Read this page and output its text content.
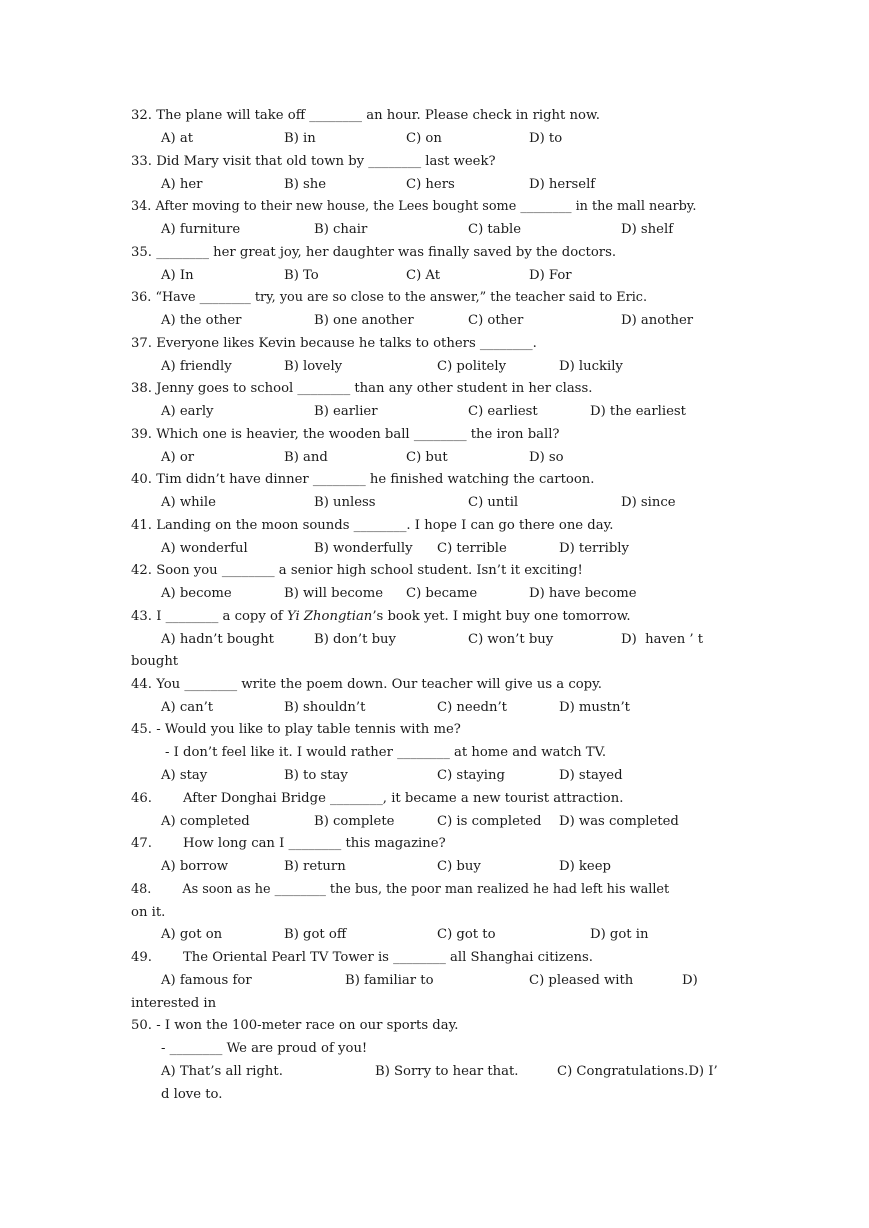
32. The plane will take off ________ an hour. Please check in right now.
A) at	B) in	C) on	D) to
33. Did Mary visit that old town by ________ last week?
A) her	B) she	C) hers	D) herself
34. After moving to their new house, the Lees bought some ________ in the mall nearby.
A) furniture	B) chair	C) table	D) shelf
35. ________ her great joy, her daughter was finally saved by the doctors.
A) In	B) To	C) At	D) For
36. “Have ________ try, you are so close to the answer,” the teacher said to Eric.
A) the other	B) one another	C) other	D) another
37. Everyone likes Kevin because he talks to others ________.
A) friendly	B) lovely	C) politely	D) luckily
38. Jenny goes to school ________ than any other student in her class.
A) early	B) earlier	C) earliest	D) the earliest
39. Which one is heavier, the wooden ball ________ the iron ball?
A) or	B) and	C) but	D) so
40. Tim didn’t have dinner ________ he finished watching the cartoon.
A) while	B) unless	C) until	D) since
41. Landing on the moon sounds ________. I hope I can go there one day.
A) wonderful	B) wonderfully C) terrible	D) terribly
42. Soon you ________ a senior high school student. Isn’t it exciting!
A) become	B) will become C) became	D) have become
43. I ________ a copy of Yi Zhongtian’s book yet. I might buy one tomorrow.
A) hadn’t bought	B) don’t buy	C) won’t buy	D)  haven ’ t
bought
44. You ________ write the poem down. Our teacher will give us a copy.
A) can’t	B) shouldn’t	C) needn’t	D) mustn’t
45. - Would you like to play table tennis with me?
- I don’t feel like it. I would rather ________ at home and watch TV.
A) stay	B) to stay	C) staying	D) stayed
46. After Donghai Bridge ________, it became a new tourist attraction.
A) completed	B) complete	C) is completed D) was completed
47. How long can I ________ this magazine?
A) borrow	B) return	C) buy	D) keep
48. As soon as he ________ the bus, the poor man realized he had left his wallet
on it.
A) got on	B) got off	C) got to	D) got in
49. The Oriental Pearl TV Tower is ________ all Shanghai citizens.
A) famous for	B) familiar to	C) pleased with	D)
interested in
50. - I won the 100-meter race on our sports day.
- ________ We are proud of you!
A) That’s all right.	B) Sorry to hear that.	C) Congratulations.D) I’
d love to.
